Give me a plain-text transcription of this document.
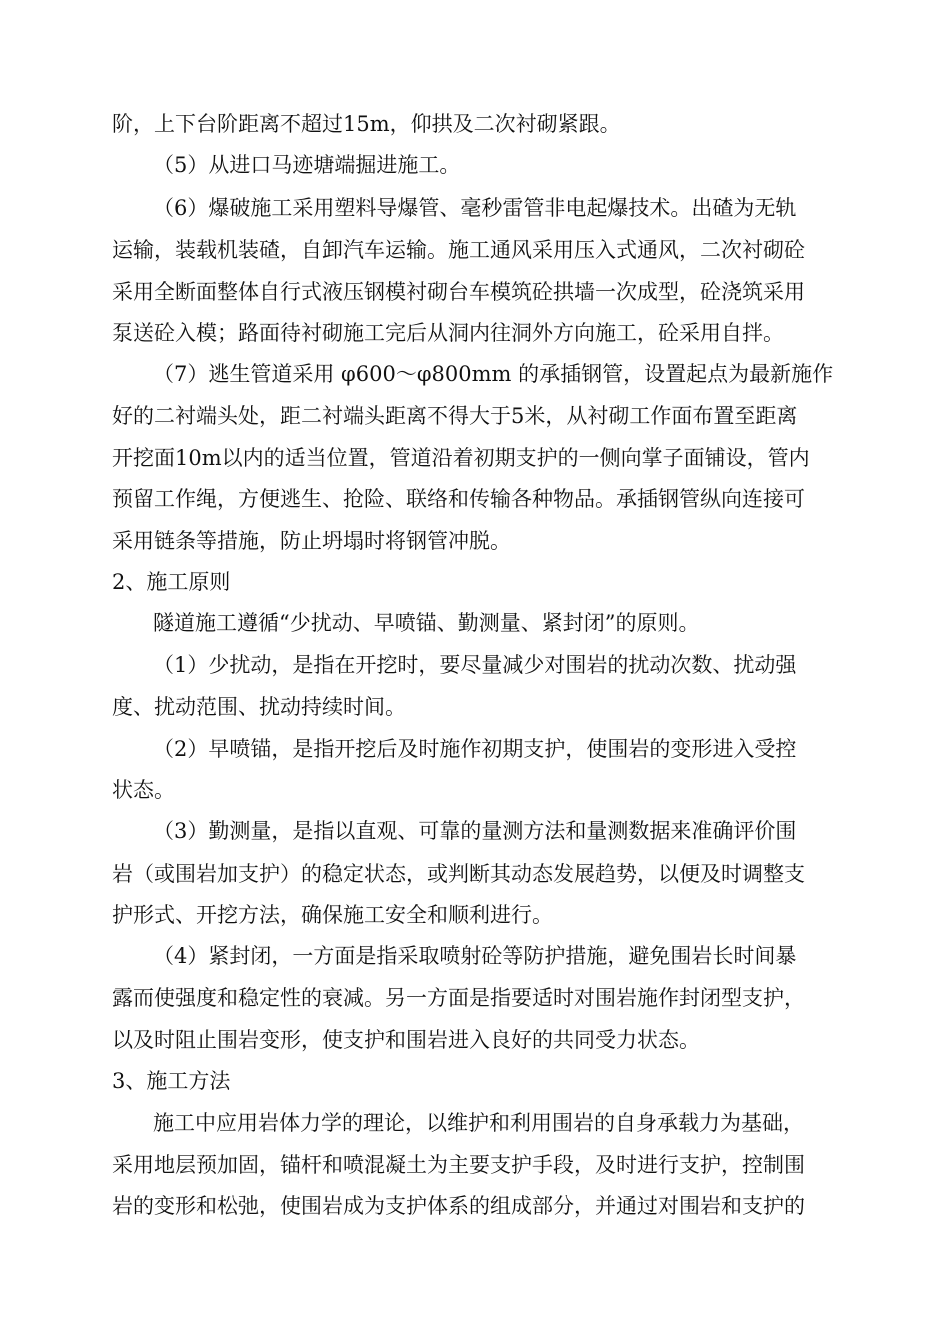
阶，上下台阶距离不超过15m，仰拱及二次衬砌紧跟。
（5）从进口马迹塘端掘进施工。
（6）爆破施工采用塑料导爆管、毫秒雷管非电起爆技术。出碴为无轨
运输，装载机装碴，自卸汽车运输。施工通风采用压入式通风，二次衬砌砼
采用全断面整体自行式液压钢模衬砌台车模筑砼拱墙一次成型，砼浇筑采用
泵送砼入模；路面待衬砌施工完后从洞内往洞外方向施工，砼采用自拌。
（7）逃生管道采用 φ600～φ800mm 的承插钢管，设置起点为最新施作
好的二衬端头处，距二衬端头距离不得大于5米，从衬砌工作面布置至距离
开挖面10m以内的适当位置，管道沿着初期支护的一侧向掌子面铺设，管内
预留工作绳，方便逃生、抢险、联络和传输各种物品。承插钢管纵向连接可
采用链条等措施，防止坍塌时将钢管冲脱。
2、施工原则
隧道施工遵循“少扰动、早喷锚、勤测量、紧封闭”的原则。
（1）少扰动，是指在开挖时，要尽量减少对围岩的扰动次数、扰动强
度、扰动范围、扰动持续时间。
（2）早喷锚，是指开挖后及时施作初期支护，使围岩的变形进入受控
状态。
（3）勤测量，是指以直观、可靠的量测方法和量测数据来准确评价围
岩（或围岩加支护）的稳定状态，或判断其动态发展趋势，以便及时调整支
护形式、开挖方法，确保施工安全和顺利进行。
（4）紧封闭，一方面是指采取喷射砼等防护措施，避免围岩长时间暴
露而使强度和稳定性的衰减。另一方面是指要适时对围岩施作封闭型支护，
以及时阻止围岩变形，使支护和围岩进入良好的共同受力状态。
3、施工方法
施工中应用岩体力学的理论，以维护和利用围岩的自身承载力为基础，
采用地层预加固，锚杆和喷混凝土为主要支护手段，及时进行支护，控制围
岩的变形和松弛，使围岩成为支护体系的组成部分，并通过对围岩和支护的
